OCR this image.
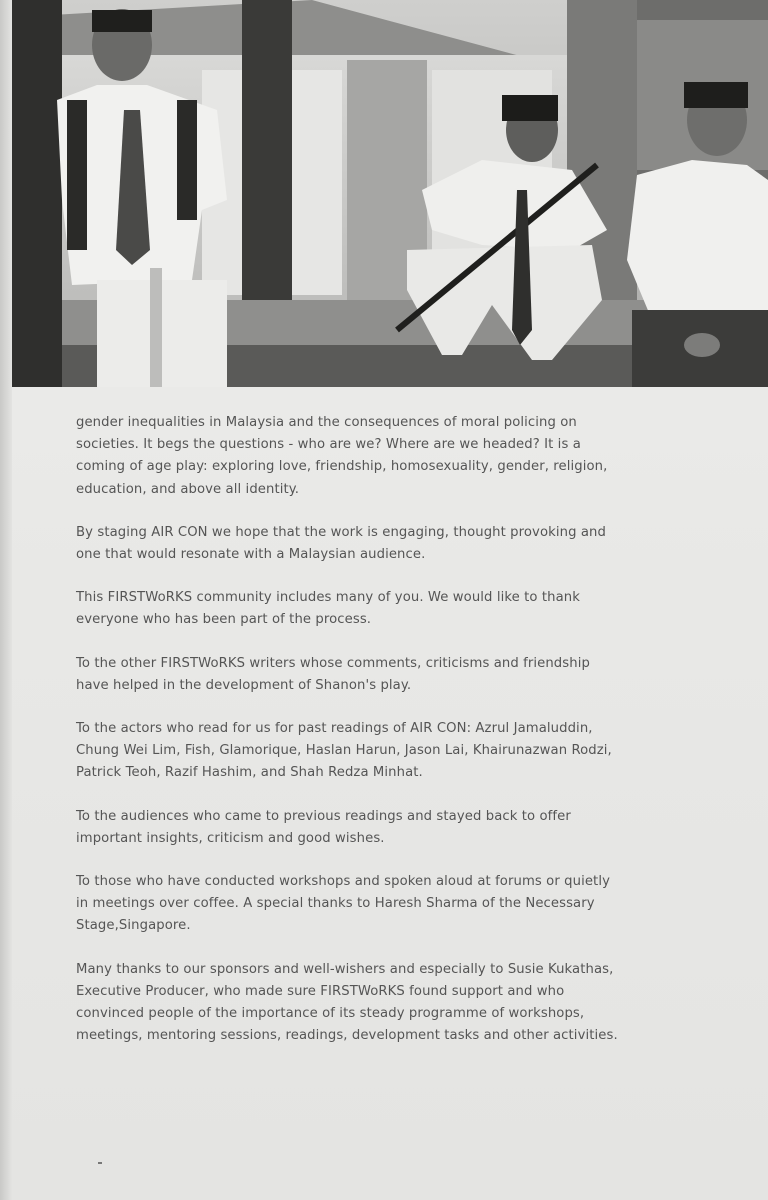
gender inequalities in Malaysia and the consequences of moral policing on societies. It begs the questions - who are we? Where are we headed? It is a coming of age play: exploring love, friendship, homosexuality, gender, religion, education, and above all identity.

By staging AIR CON we hope that the work is engaging, thought provoking and one that would resonate with a Malaysian audience.

This FIRSTWoRKS community includes many of you. We would like to thank everyone who has been part of the process.

To the other FIRSTWoRKS writers whose comments, criticisms and friendship have helped in the development of Shanon's play.

To the actors who read for us for past readings of AIR CON: Azrul Jamaluddin, Chung Wei Lim, Fish, Glamorique, Haslan Harun, Jason Lai, Khairunazwan Rodzi, Patrick Teoh, Razif Hashim, and Shah Redza Minhat.

To the audiences who came to previous readings and stayed back to offer important insights, criticism and good wishes.

To those who have conducted workshops and spoken aloud at forums or quietly in meetings over coffee. A special thanks to Haresh Sharma of the Necessary Stage,Singapore.

Many thanks to our sponsors and well-wishers and especially to Susie Kukathas, Executive Producer, who made sure FIRSTWoRKS found support and who convinced people of the importance of its steady programme of workshops, meetings, mentoring sessions, readings, development tasks and other activities.
